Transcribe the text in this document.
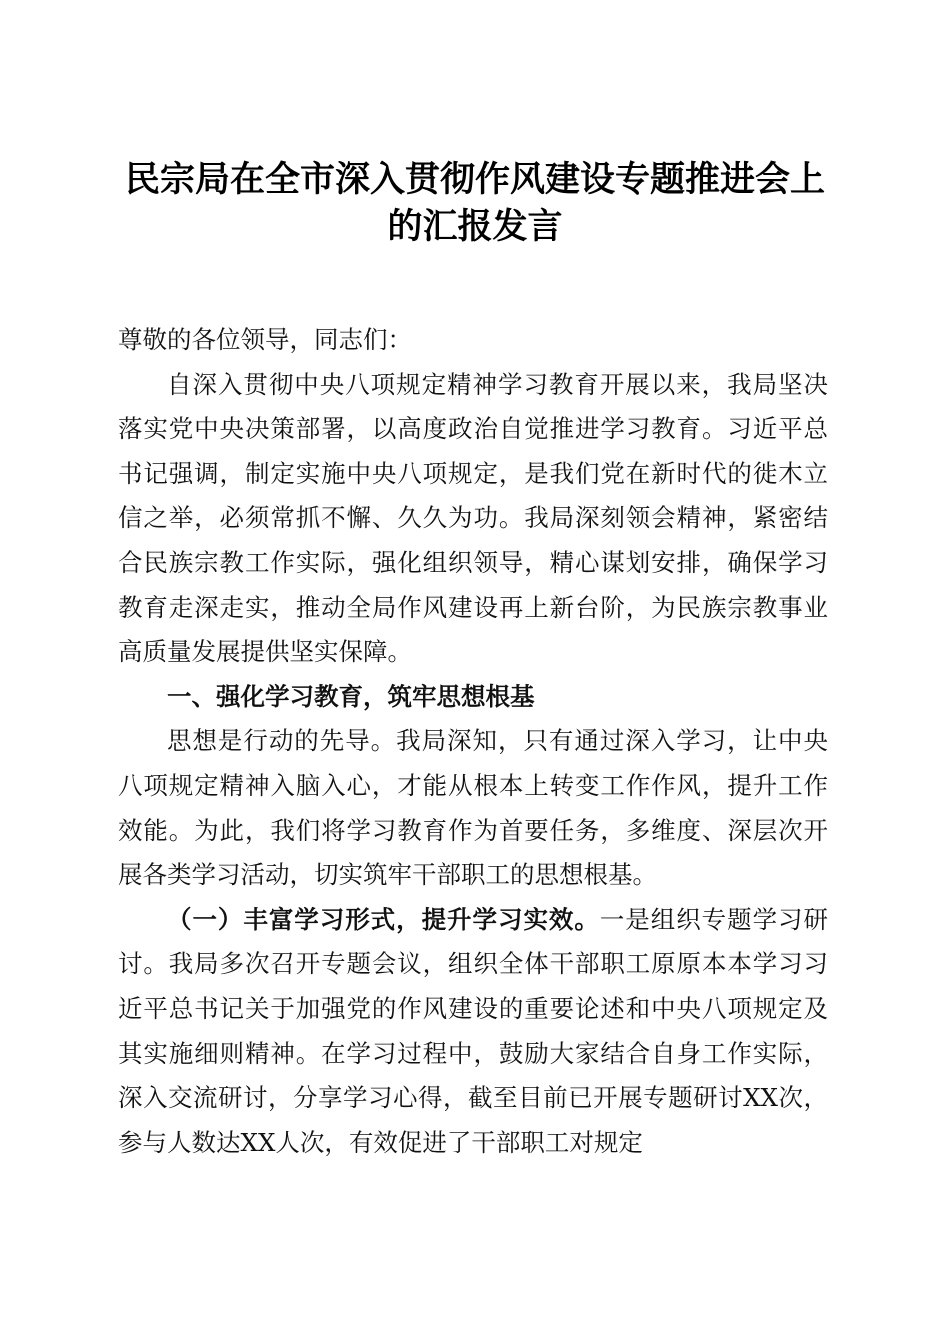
民宗局在全市深入贯彻作风建设专题推进会上
的汇报发言

尊敬的各位领导，同志们：

自深入贯彻中央八项规定精神学习教育开展以来，我局坚决落实党中央决策部署，以高度政治自觉推进学习教育。习近平总书记强调，制定实施中央八项规定，是我们党在新时代的徙木立信之举，必须常抓不懈、久久为功。我局深刻领会精神，紧密结合民族宗教工作实际，强化组织领导，精心谋划安排，确保学习教育走深走实，推动全局作风建设再上新台阶，为民族宗教事业高质量发展提供坚实保障。

一、强化学习教育，筑牢思想根基

思想是行动的先导。我局深知，只有通过深入学习，让中央八项规定精神入脑入心，才能从根本上转变工作作风，提升工作效能。为此，我们将学习教育作为首要任务，多维度、深层次开展各类学习活动，切实筑牢干部职工的思想根基。

（一）丰富学习形式，提升学习实效。一是组织专题学习研讨。我局多次召开专题会议，组织全体干部职工原原本本学习习近平总书记关于加强党的作风建设的重要论述和中央八项规定及其实施细则精神。在学习过程中，鼓励大家结合自身工作实际，深入交流研讨，分享学习心得，截至目前已开展专题研讨XX次，参与人数达XX人次，有效促进了干部职工对规定
